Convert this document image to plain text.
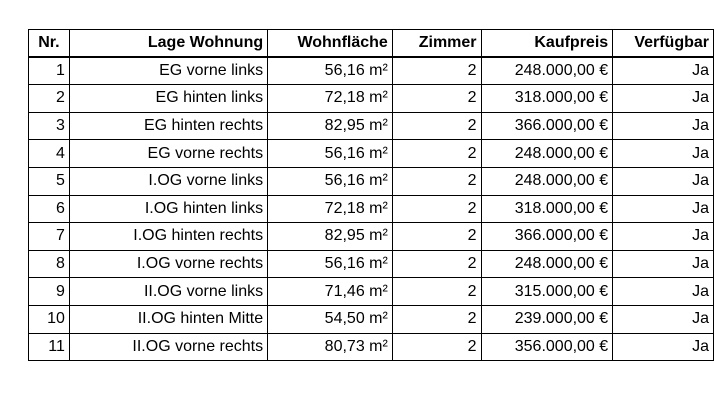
Nr.	Lage Wohnung	Wohnfläche	Zimmer	Kaufpreis	Verfügbar
1	EG vorne links	56,16 m²	2	248.000,00 €	Ja
2	EG hinten links	72,18 m²	2	318.000,00 €	Ja
3	EG hinten rechts	82,95 m²	2	366.000,00 €	Ja
4	EG vorne rechts	56,16 m²	2	248.000,00 €	Ja
5	I.OG vorne links	56,16 m²	2	248.000,00 €	Ja
6	I.OG hinten links	72,18 m²	2	318.000,00 €	Ja
7	I.OG hinten rechts	82,95 m²	2	366.000,00 €	Ja
8	I.OG vorne rechts	56,16 m²	2	248.000,00 €	Ja
9	II.OG vorne links	71,46 m²	2	315.000,00 €	Ja
10	II.OG hinten Mitte	54,50 m²	2	239.000,00 €	Ja
11	II.OG vorne rechts	80,73 m²	2	356.000,00 €	Ja
